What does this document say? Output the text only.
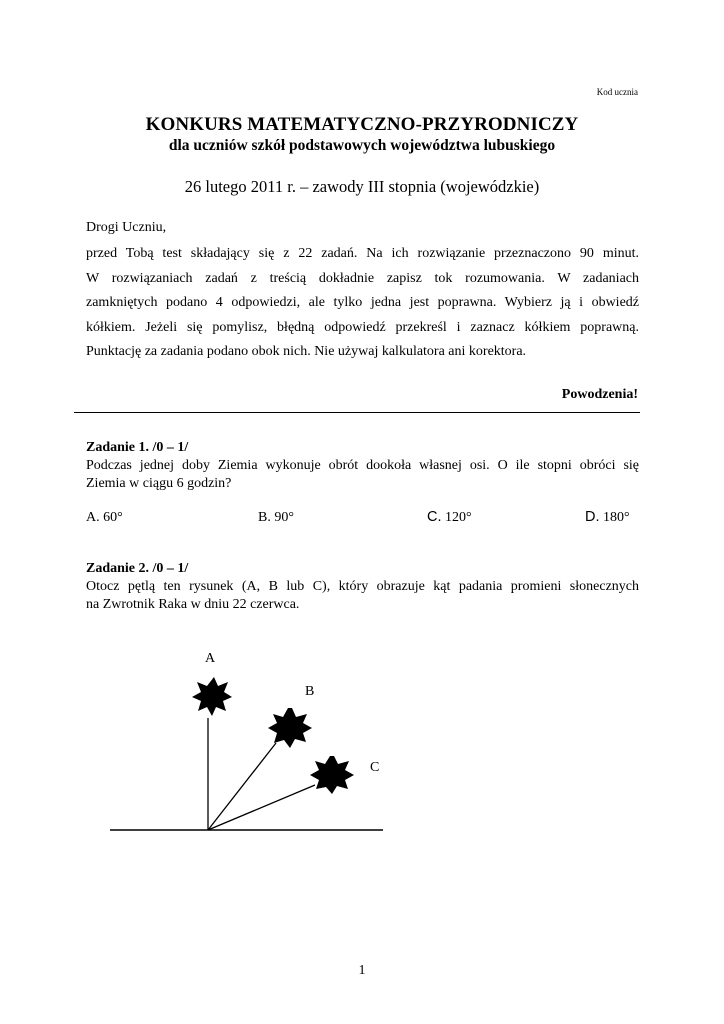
Kod ucznia
KONKURS MATEMATYCZNO-PRZYRODNICZY
dla uczniów szkół podstawowych województwa lubuskiego
26 lutego 2011 r. – zawody III stopnia (wojewódzkie)
Drogi Uczniu,
przed Tobą test składający się z 22 zadań. Na ich rozwiązanie przeznaczono 90 minut.
W rozwiązaniach zadań z treścią dokładnie zapisz tok rozumowania. W zadaniach
zamkniętych podano 4 odpowiedzi, ale tylko jedna jest poprawna. Wybierz ją i obwiedź
kółkiem. Jeżeli się pomylisz, błędną odpowiedź przekreśl i zaznacz kółkiem poprawną.
Punktację za zadania podano obok nich. Nie używaj kalkulatora ani korektora.
Powodzenia!
Zadanie 1. /0 – 1/
Podczas jednej doby Ziemia wykonuje obrót dookoła własnej osi. O ile stopni obróci się
Ziemia w ciągu 6 godzin?
A. 60°	B. 90°	C. 120°	D. 180°
Zadanie 2. /0 – 1/
Otocz pętlą ten rysunek (A, B lub C), który obrazuje kąt padania promieni słonecznych
na Zwrotnik Raka w dniu 22 czerwca.
A
B
C
1
